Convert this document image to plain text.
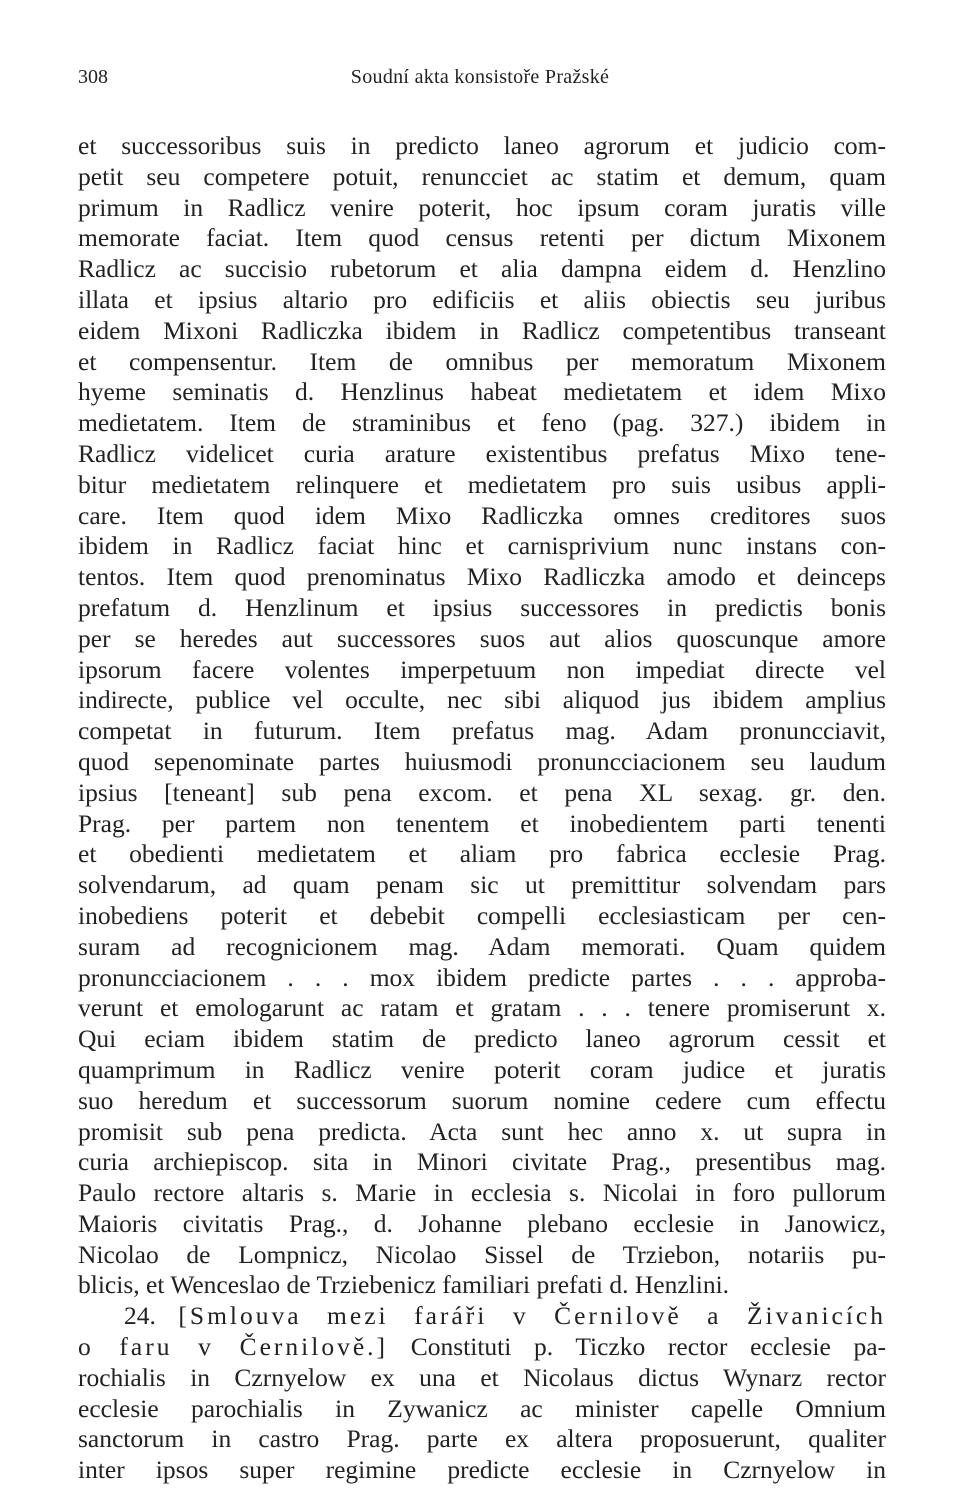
308	Soudní akta konsistoře Pražské
et successoribus suis in predicto laneo agrorum et judicio com-
petit seu competere potuit, renuncciet ac statim et demum, quam
primum in Radlicz venire poterit, hoc ipsum coram juratis ville
memorate faciat. Item quod census retenti per dictum Mixonem
Radlicz ac succisio rubetorum et alia dampna eidem d. Henzlino
illata et ipsius altario pro edificiis et aliis obiectis seu juribus
eidem Mixoni Radliczka ibidem in Radlicz competentibus transeant
et compensentur. Item de omnibus per memoratum Mixonem
hyeme seminatis d. Henzlinus habeat medietatem et idem Mixo
medietatem. Item de straminibus et feno (pag. 327.) ibidem in
Radlicz videlicet curia arature existentibus prefatus Mixo tene-
bitur medietatem relinquere et medietatem pro suis usibus appli-
care. Item quod idem Mixo Radliczka omnes creditores suos
ibidem in Radlicz faciat hinc et carnisprivium nunc instans con-
tentos. Item quod prenominatus Mixo Radliczka amodo et deinceps
prefatum d. Henzlinum et ipsius successores in predictis bonis
per se heredes aut successores suos aut alios quoscunque amore
ipsorum facere volentes imperpetuum non impediat directe vel
indirecte, publice vel occulte, nec sibi aliquod jus ibidem amplius
competat in futurum. Item prefatus mag. Adam pronuncciavit,
quod sepenominate partes huiusmodi pronuncciacionem seu laudum
ipsius [teneant] sub pena excom. et pena XL sexag. gr. den.
Prag. per partem non tenentem et inobedientem parti tenenti
et obedienti medietatem et aliam pro fabrica ecclesie Prag.
solvendarum, ad quam penam sic ut premittitur solvendam pars
inobediens poterit et debebit compelli ecclesiasticam per cen-
suram ad recognicionem mag. Adam memorati. Quam quidem
pronuncciacionem . . . mox ibidem predicte partes . . . approba-
verunt et emologarunt ac ratam et gratam . . . tenere promiserunt x.
Qui eciam ibidem statim de predicto laneo agrorum cessit et
quamprimum in Radlicz venire poterit coram judice et juratis
suo heredum et successorum suorum nomine cedere cum effectu
promisit sub pena predicta. Acta sunt hec anno x. ut supra in
curia archiepiscop. sita in Minori civitate Prag., presentibus mag.
Paulo rectore altaris s. Marie in ecclesia s. Nicolai in foro pullorum
Maioris civitatis Prag., d. Johanne plebano ecclesie in Janowicz,
Nicolao de Lompnicz, Nicolao Sissel de Trziebon, notariis pu-
blicis, et Wenceslao de Trziebenicz familiari prefati d. Henzlini.
24. [Smlouva mezi faráři v Černilově a Živanicích
o faru v Černilově.] Constituti p. Ticzko rector ecclesie pa-
rochialis in Czrnyelow ex una et Nicolaus dictus Wynarz rector
ecclesie parochialis in Zywanicz ac minister capelle Omnium
sanctorum in castro Prag. parte ex altera proposuerunt, qualiter
inter ipsos super regimine predicte ecclesie in Czrnyelow in
